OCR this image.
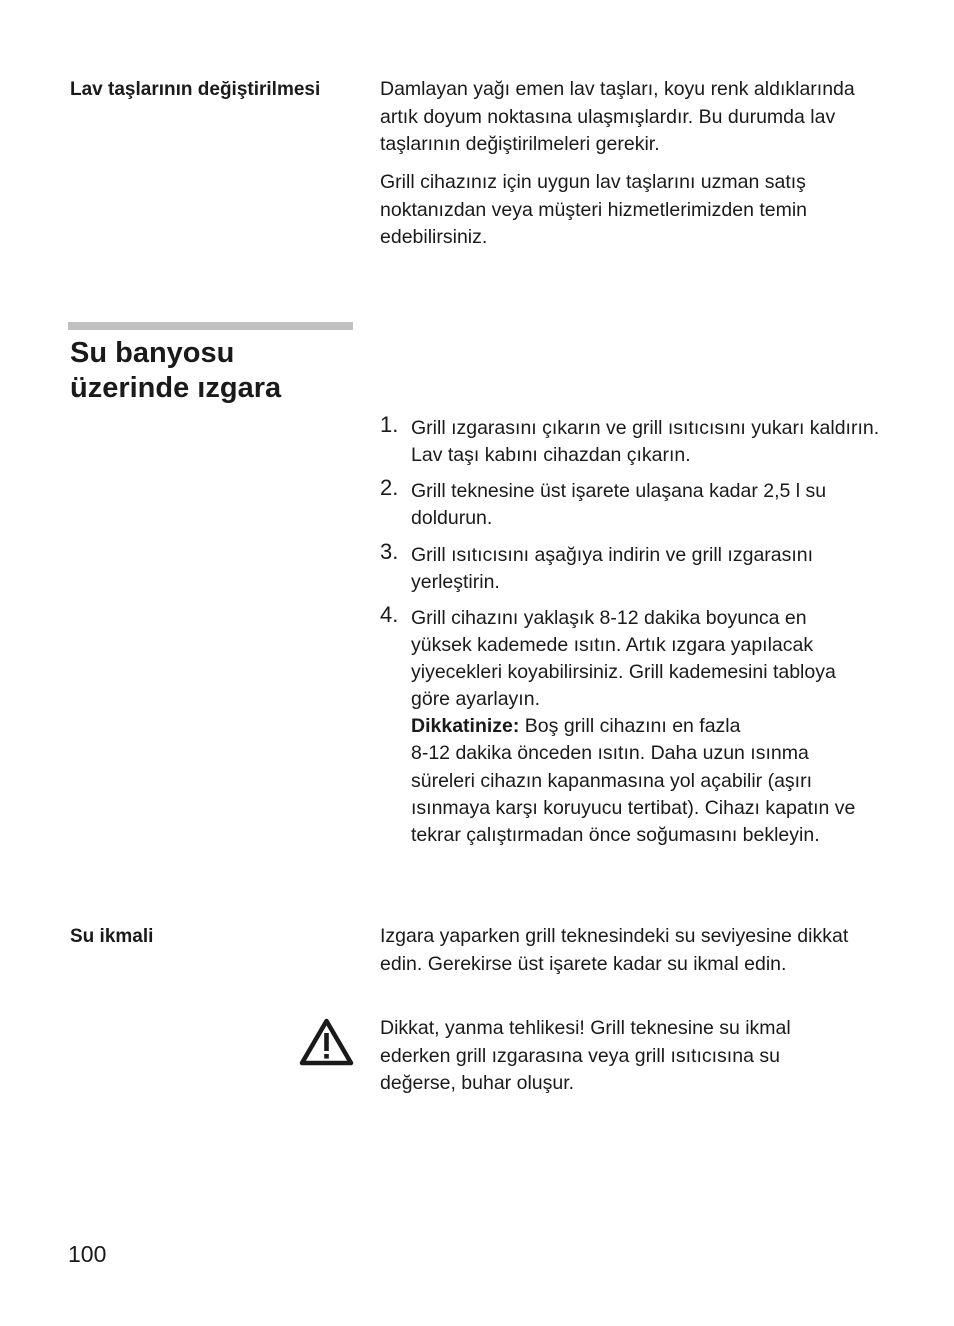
Lav taşlarının değiştirilmesi	Damlayan yağı emen lav taşları, koyu renk aldıklarında artık doyum noktasına ulaşmışlardır. Bu durumda lav taşlarının değiştirilmeleri gerekir.

Grill cihazınız için uygun lav taşlarını uzman satış noktanızdan veya müşteri hizmetlerimizden temin edebilirsiniz.

Su banyosu
üzerinde ızgara
1. Grill ızgarasını çıkarın ve grill ısıtıcısını yukarı kaldırın. Lav taşı kabını cihazdan çıkarın.
2. Grill teknesine üst işarete ulaşana kadar 2,5 l su doldurun.
3. Grill ısıtıcısını aşağıya indirin ve grill ızgarasını yerleştirin.
4. Grill cihazını yaklaşık 8-12 dakika boyunca en yüksek kademede ısıtın. Artık ızgara yapılacak yiyecekleri koyabilirsiniz. Grill kademesini tabloya göre ayarlayın.
Dikkatinize: Boş grill cihazını en fazla
8-12 dakika önceden ısıtın. Daha uzun ısınma süreleri cihazın kapanmasına yol açabilir (aşırı ısınmaya karşı koruyucu tertibat). Cihazı kapatın ve tekrar çalıştırmadan önce soğumasını bekleyin.
Su ikmali	Izgara yaparken grill teknesindeki su seviyesine dikkat edin. Gerekirse üst işarete kadar su ikmal edin.

Dikkat, yanma tehlikesi! Grill teknesine su ikmal ederken grill ızgarasına veya grill ısıtıcısına su değerse, buhar oluşur.

100
